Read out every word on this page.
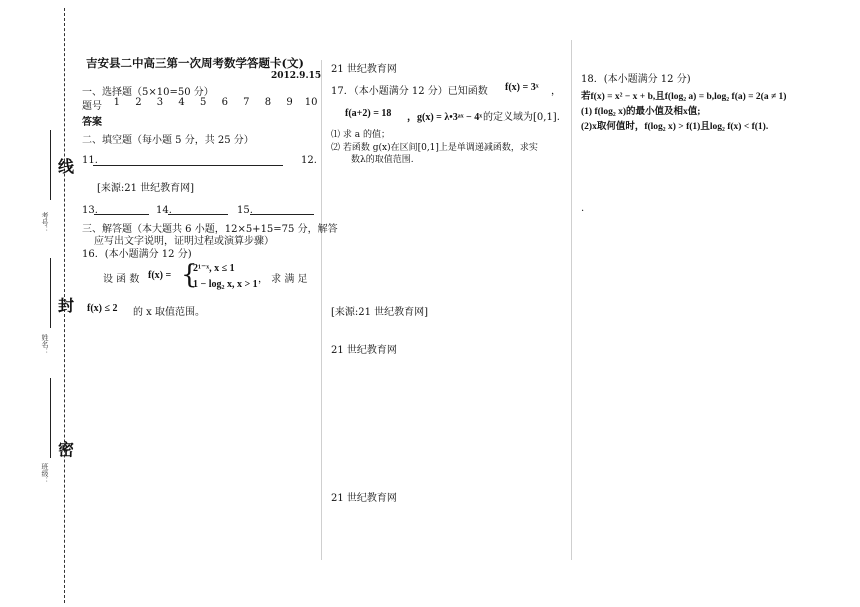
线
封
密
考号：
姓名：
班级：
吉安县二中高三第一次周考数学答题卡(文)
2012.9.15
一、选择题（5×10=50 分）
题号	1	2	3	4	5	6	7	8	9	10
答案
二、填空题（每小题 5 分，共 25 分）
11.	12.
[来源:21 世纪教育网]
13.	14.	15.
三、解答题（本大题共 6 小题，12×5+15=75 分，解答
应写出文字说明，证明过程或演算步骤）
16．(本小题满分 12 分)
设 函 数 f(x) = {
2¹⁻ˣ, x ≤ 1
1 − log₂ x, x > 1 ， 求 满 足
f(x) ≤ 2 的 x 取值范围。
21 世纪教育网
17．（本小题满分 12 分）已知函数 f(x) = 3ˣ ，
f(a+2) = 18 ，g(x) = λ•3ᵃˣ − 4ˣ 的定义域为[0,1].
⑴ 求 a 的值；
⑵ 若函数 g(x)在区间[0,1]上是单调递减函数，求实
数λ的取值范围.
[来源:21 世纪教育网]
21 世纪教育网
21 世纪教育网
18．(本小题满分 12 分)
若f(x) = x² − x + b,且f(log₂ a) = b,log₂ f(a) = 2(a ≠ 1)
(1) f(log₂ x)的最小值及相x值;
(2)x取何值时，f(log₂ x) > f(1)且log₂ f(x) < f(1).
.
